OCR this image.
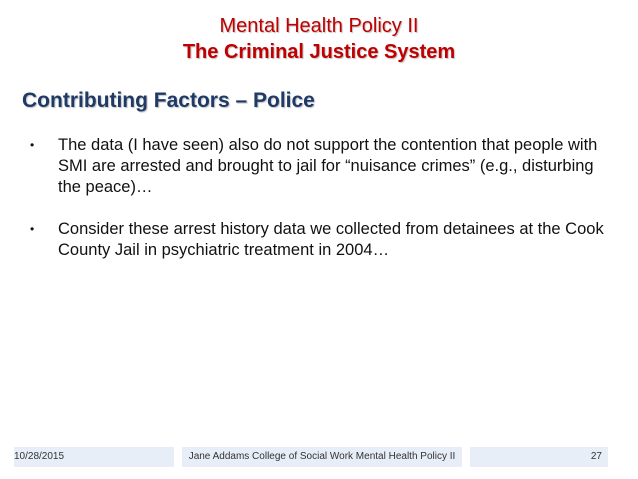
Mental Health Policy II
The Criminal Justice System
Contributing Factors – Police
• The data (I have seen) also do not support the contention that people with SMI are arrested and brought to jail for “nuisance crimes” (e.g., disturbing the peace)…
• Consider these arrest history data we collected from detainees at the Cook County Jail in psychiatric treatment in 2004…
10/28/2015	Jane Addams College of Social Work Mental Health Policy II	27
